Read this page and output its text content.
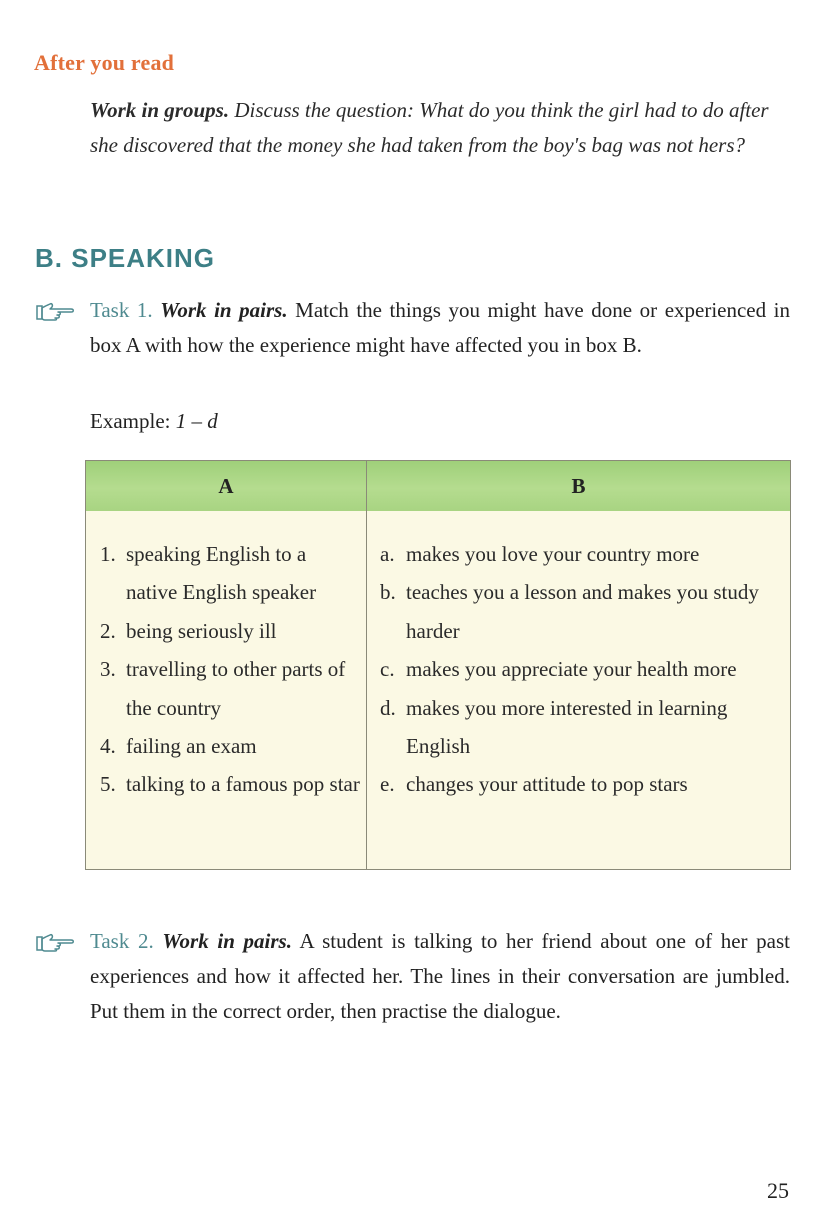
After you read
Work in groups. Discuss the question: What do you think the girl had to do after she discovered that the money she had taken from the boy's bag was not hers?
B. SPEAKING
Task 1. Work in pairs. Match the things you might have done or experienced in box A with how the experience might have affected you in box B.
Example: 1 – d
A	B
1. speaking English to a native English speaker
2. being seriously ill
3. travelling to other parts of the country
4. failing an exam
5. talking to a famous pop star
a. makes you love your country more
b. teaches you a lesson and makes you study harder
c. makes you appreciate your health more
d. makes you more interested in learning English
e. changes your attitude to pop stars
Task 2. Work in pairs. A student is talking to her friend about one of her past experiences and how it affected her. The lines in their conversation are jumbled. Put them in the correct order, then practise the dialogue.
25
